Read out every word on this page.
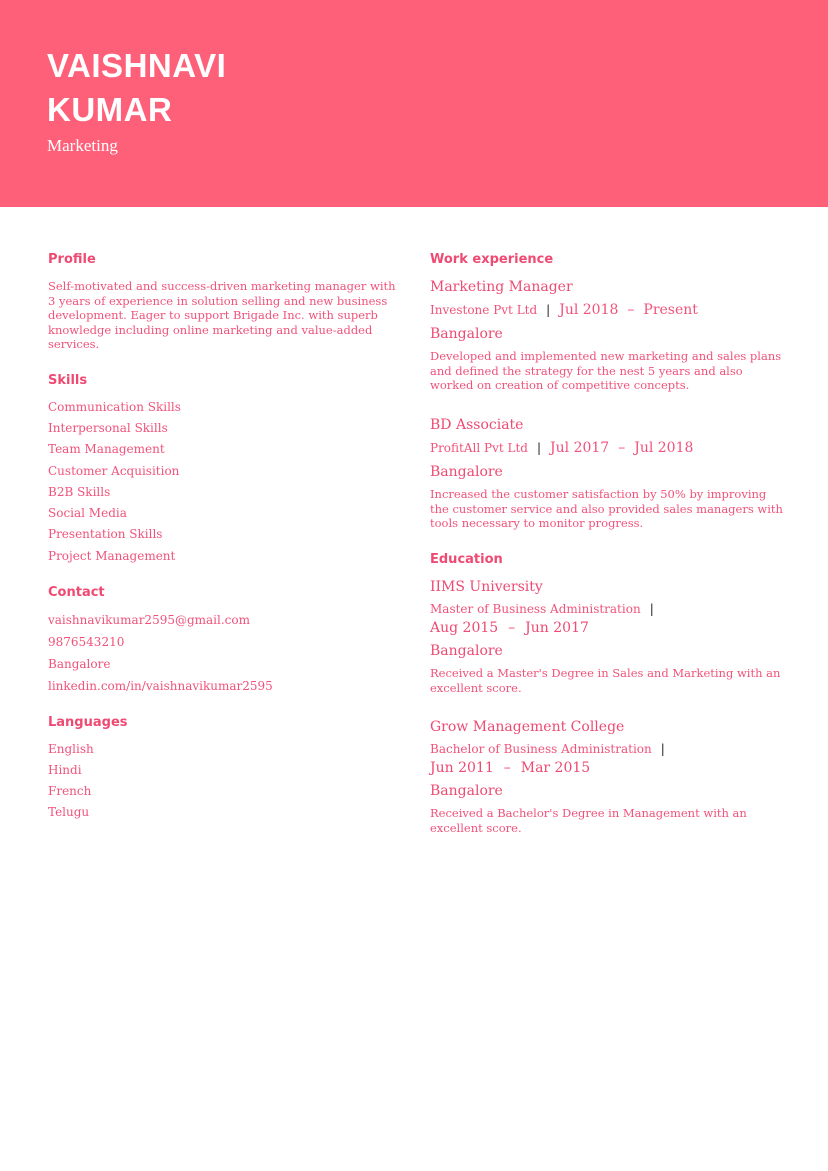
VAISHNAVI
KUMAR
Marketing
Profile
Self-motivated and success-driven marketing manager with 3 years of experience in solution selling and new business development. Eager to support Brigade Inc. with superb knowledge including online marketing and value-added services.
Skills
Communication Skills
Interpersonal Skills
Team Management
Customer Acquisition
B2B Skills
Social Media
Presentation Skills
Project Management
Contact
vaishnavikumar2595@gmail.com
9876543210
Bangalore
linkedin.com/in/vaishnavikumar2595
Languages
English
Hindi
French
Telugu
Work experience
Marketing Manager
Investone Pvt Ltd | Jul 2018 – Present
Bangalore
Developed and implemented new marketing and sales plans and defined the strategy for the nest 5 years and also worked on creation of competitive concepts.
BD Associate
ProfitAll Pvt Ltd | Jul 2017 – Jul 2018
Bangalore
Increased the customer satisfaction by 50% by improving the customer service and also provided sales managers with tools necessary to monitor progress.
Education
IIMS University
Master of Business Administration |
Aug 2015 – Jun 2017
Bangalore
Received a Master's Degree in Sales and Marketing with an excellent score.
Grow Management College
Bachelor of Business Administration |
Jun 2011 – Mar 2015
Bangalore
Received a Bachelor's Degree in Management with an excellent score.
